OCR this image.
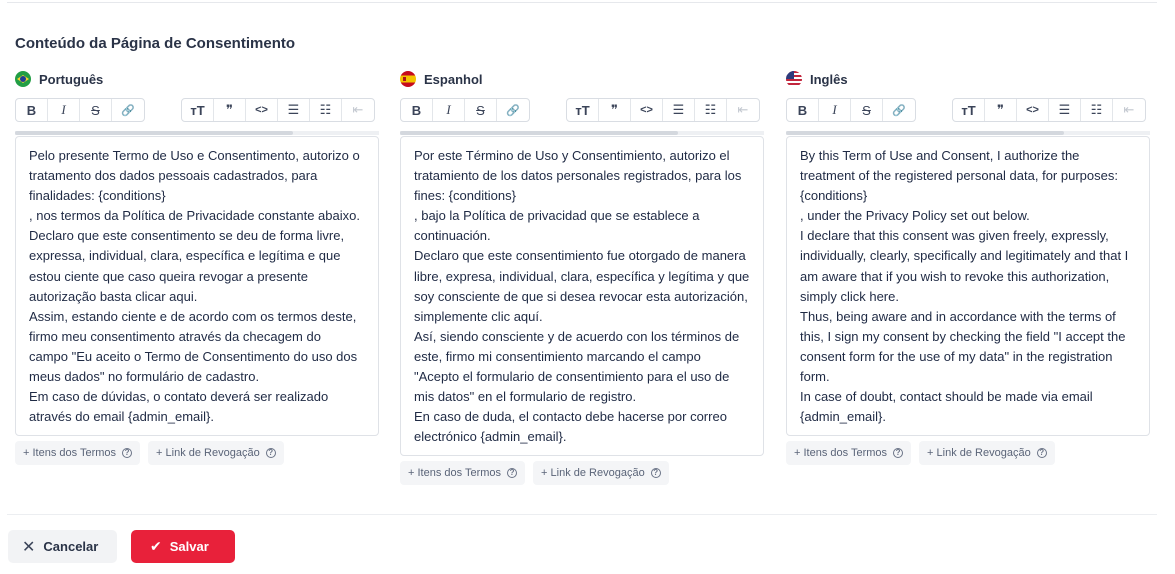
Conteúdo da Página de Consentimento
Português
B	I	S	🔗	ᴛT	❞	<>	☰	☷	⇤
Pelo presente Termo de Uso e Consentimento, autorizo o
tratamento dos dados pessoais cadastrados, para
finalidades: {conditions}
, nos termos da Política de Privacidade constante abaixo.
Declaro que este consentimento se deu de forma livre,
expressa, individual, clara, específica e legítima e que
estou ciente que caso queira revogar a presente
autorização basta clicar aqui.
Assim, estando ciente e de acordo com os termos deste,
firmo meu consentimento através da checagem do
campo "Eu aceito o Termo de Consentimento do uso dos
meus dados" no formulário de cadastro.
Em caso de dúvidas, o contato deverá ser realizado
através do email {admin_email}.
+ Itens dos Termos	? + Link de Revogação	?
Espanhol
B	I	S	🔗	ᴛT	❞	<>	☰	☷	⇤
Por este Término de Uso y Consentimiento, autorizo el
tratamiento de los datos personales registrados, para los
fines: {conditions}
, bajo la Política de privacidad que se establece a
continuación.
Declaro que este consentimiento fue otorgado de manera
libre, expresa, individual, clara, específica y legítima y que
soy consciente de que si desea revocar esta autorización,
simplemente clic aquí.
Así, siendo consciente y de acuerdo con los términos de
este, firmo mi consentimiento marcando el campo
"Acepto el formulario de consentimiento para el uso de
mis datos" en el formulario de registro.
En caso de duda, el contacto debe hacerse por correo
electrónico {admin_email}.
+ Itens dos Termos	? + Link de Revogação	?
Inglês
B	I	S	🔗	ᴛT	❞	<>	☰	☷	⇤
By this Term of Use and Consent, I authorize the
treatment of the registered personal data, for purposes:
{conditions}
, under the Privacy Policy set out below.
I declare that this consent was given freely, expressly,
individually, clearly, specifically and legitimately and that I
am aware that if you wish to revoke this authorization,
simply click here.
Thus, being aware and in accordance with the terms of
this, I sign my consent by checking the field "I accept the
consent form for the use of my data" in the registration
form.
In case of doubt, contact should be made via email
{admin_email}.
+ Itens dos Termos	? + Link de Revogação	?
✕ Cancelar	✔ Salvar
